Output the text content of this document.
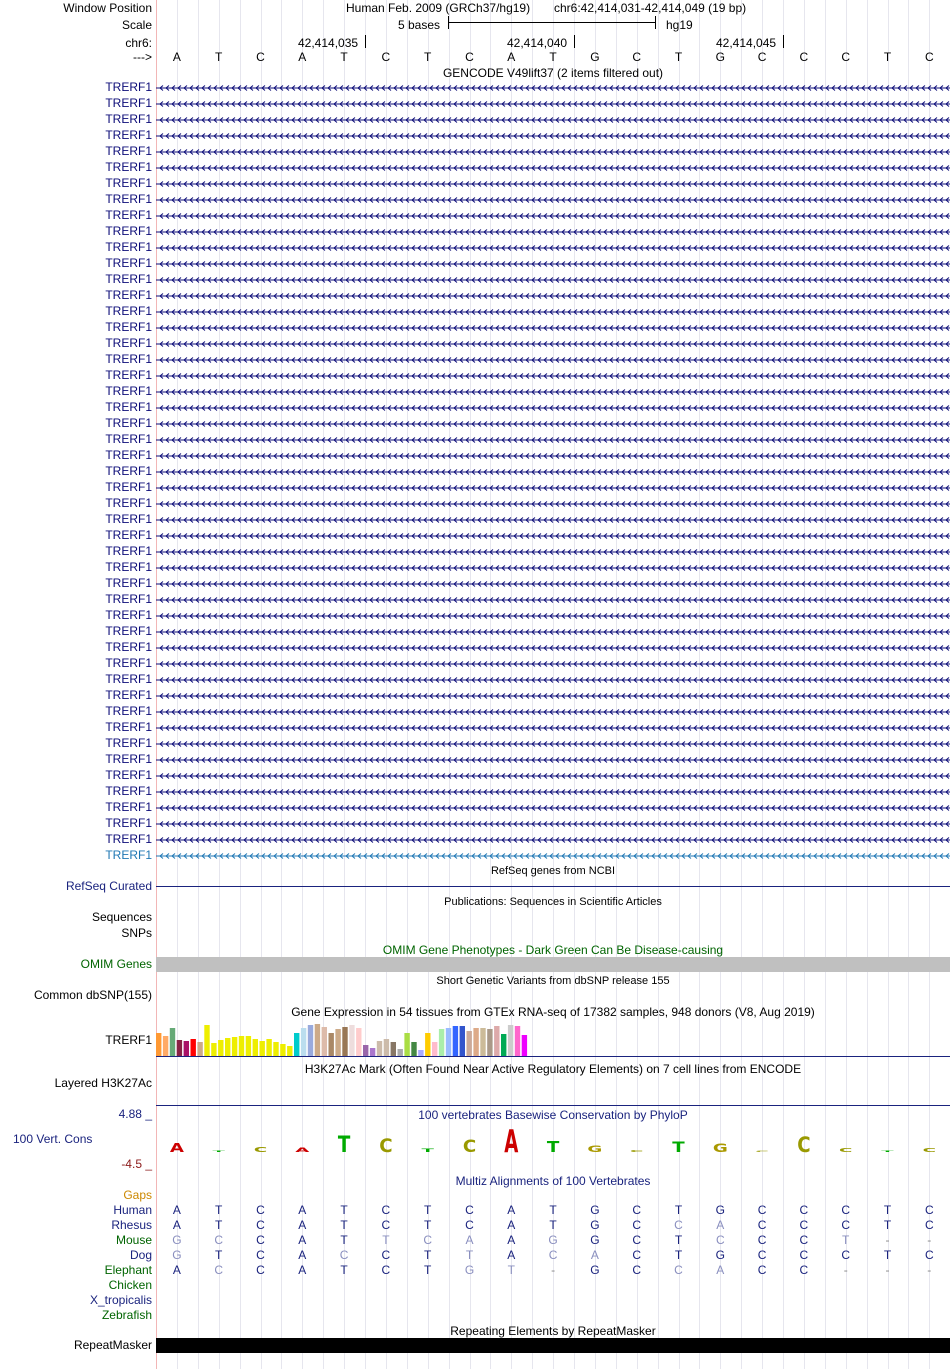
Window Position	Human Feb. 2009 (GRCh37/hg19) chr6:42,414,031-42,414,049 (19 bp)
Scale	5 bases	hg19
chr6:	42,414,035	42,414,040	42,414,045
--->	A	T	C	A	T	C	T	C	A	T	G	C	T	G	C	C	C	T	C
GENCODE V49lift37 (2 items filtered out)
TRERF1
TRERF1
TRERF1
TRERF1
TRERF1
TRERF1
TRERF1
TRERF1
TRERF1
TRERF1
TRERF1
TRERF1
TRERF1
TRERF1
TRERF1
TRERF1
TRERF1
TRERF1
TRERF1
TRERF1
TRERF1
TRERF1
TRERF1
TRERF1
TRERF1
TRERF1
TRERF1
TRERF1
TRERF1
TRERF1
TRERF1
TRERF1
TRERF1
TRERF1
TRERF1
TRERF1
TRERF1
TRERF1
TRERF1
TRERF1
TRERF1
TRERF1
TRERF1
TRERF1
TRERF1
TRERF1
TRERF1
TRERF1
TRERF1
RefSeq genes from NCBI
RefSeq Curated
Publications: Sequences in Scientific Articles
Sequences
SNPs
OMIM Gene Phenotypes - Dark Green Can Be Disease-causing
OMIM Genes
Short Genetic Variants from dbSNP release 155
Common dbSNP(155)
Gene Expression in 54 tissues from GTEx RNA-seq of 17382 samples, 948 donors (V8, Aug 2019)
TRERF1
H3K27Ac Mark (Often Found Near Active Regulatory Elements) on 7 cell lines from ENCODE
Layered H3K27Ac
100 vertebrates Basewise Conservation by PhyloP
4.88 _
100 Vert. Cons
-4.5 _
A T C A T C T C A T G C T G C C C T C
Multiz Alignments of 100 Vertebrates
Gaps
Human	A	T	C	A	T	C	T	C	A	T	G	C	T	G	C	C	C	T	C
Rhesus	A	T	C	A	T	C	T	C	A	T	G	C	C	A	C	C	C	T	C
Mouse	G	C	C	A	T	T	C	A	A	G	G	C	T	C	C	C	T	-	-
Dog	G	T	C	A	C	C	T	T	A	C	A	C	T	G	C	C	C	T	C
Elephant	A	C	C	A	T	C	T	G	T	-	G	C	C	A	C	C	-	-	-
Chicken
X_tropicalis
Zebrafish
Repeating Elements by RepeatMasker
RepeatMasker
